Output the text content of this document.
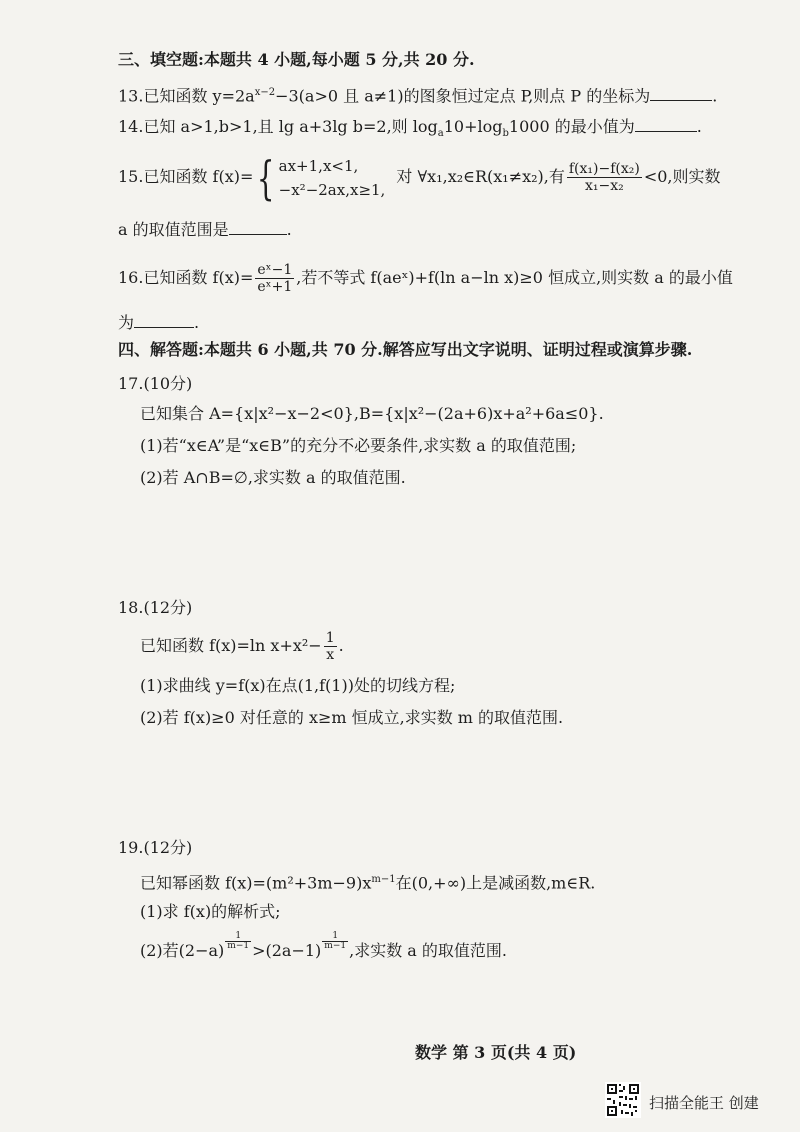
三、填空题:本题共 4 小题,每小题 5 分,共 20 分.
13.已知函数 $y=2a^{x-2}-3(a>0$ 且 a≠1)的图象恒过定点 P,则点 P 的坐标为	.
14.已知 a>1,b>1,且 lg a+3lg b=2,则 $\log_a10+\log_b1000$ 的最小值为	.
15.已知函数 f(x)={ ax+1,x<1,
−x²−2ax,x≥1,
对 ∀x₁,x₂∈R(x₁≠x₂),有 $\frac{\text{f(x₁)−f(x₂)}}{\text{x₁−x₂}} <0$,则实数
a 的取值范围是	.
16.已知函数 $f(x)= \frac{\text{eˣ−1}}{\text{eˣ+1}}$ ,若不等式 f(aeˣ)+f(ln a−ln x)≥0 恒成立,则实数 a 的最小值
为	.
四、解答题:本题共 6 小题,共 70 分.解答应写出文字说明、证明过程或演算步骤.
17.(10分)
已知集合 A={x|x²−x−2<0},B={x|x²−(2a+6)x+a²+6a≤0}.
(1)若“x∈A”是“x∈B”的充分不必要条件,求实数 a 的取值范围;
(2)若 A∩B=∅,求实数 a 的取值范围.
18.(12分)
已知函数 f(x)=ln $x+x^2- \frac{1}{x}$ .
(1)求曲线 y=f(x)在点(1,f(1))处的切线方程;
(2)若 f(x)≥0 对任意的 x≥m 恒成立,求实数 m 的取值范围.
19.(12分)
已知幂函数 $f(x)=(m^2+3m-9)x^{m-1}$在(0,+∞)上是减函数,m∈R.
(1)求 f(x)的解析式;
(2)若$(2-a) \frac{1}{m-1} >(2a-1) \frac{1}{m-1}$ ,求实数 a 的取值范围.
数学 第 3 页(共 4 页)
扫描全能王 创建
